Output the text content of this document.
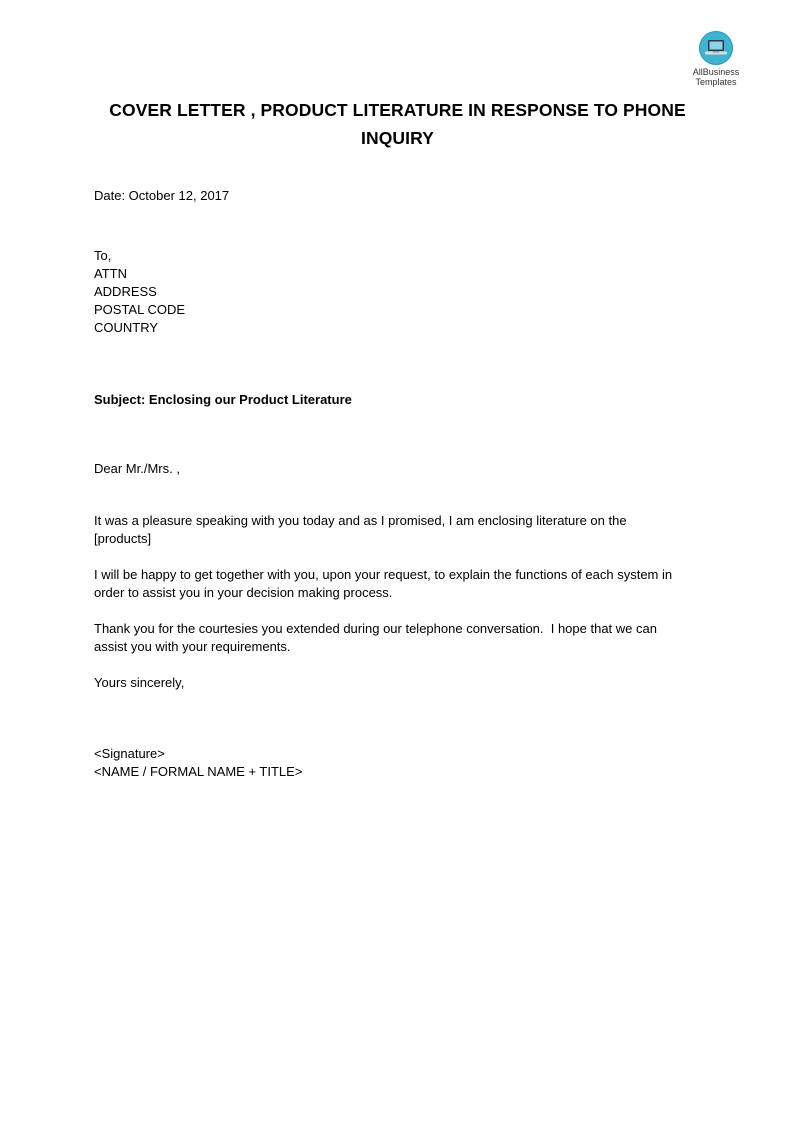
AllBusiness
Templates
COVER LETTER , PRODUCT LITERATURE IN RESPONSE TO PHONE
INQUIRY
Date: October 12, 2017
To,
ATTN
ADDRESS
POSTAL CODE
COUNTRY
Subject: Enclosing our Product Literature
Dear Mr./Mrs. ,
It was a pleasure speaking with you today and as I promised, I am enclosing literature on the
[products]
I will be happy to get together with you, upon your request, to explain the functions of each system in
order to assist you in your decision making process.
Thank you for the courtesies you extended during our telephone conversation.  I hope that we can
assist you with your requirements.
Yours sincerely,
<Signature>
<NAME / FORMAL NAME + TITLE>
